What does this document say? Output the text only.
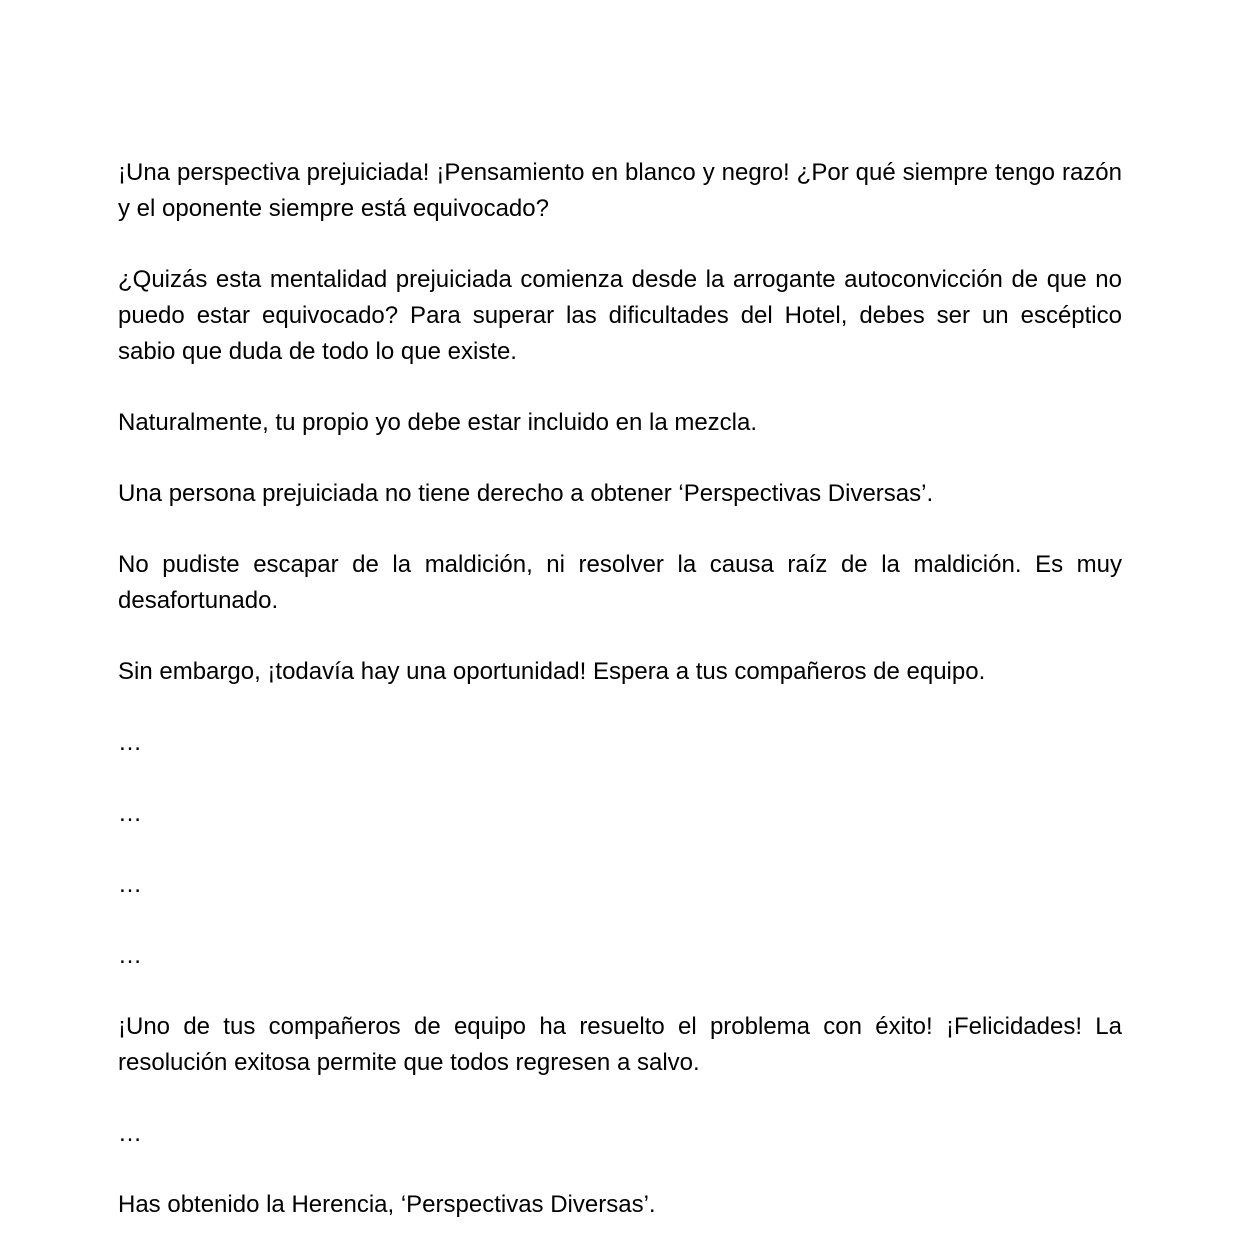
¡Una perspectiva prejuiciada! ¡Pensamiento en blanco y negro! ¿Por qué siempre tengo razón y el oponente siempre está equivocado?

¿Quizás esta mentalidad prejuiciada comienza desde la arrogante autoconvicción de que no puedo estar equivocado? Para superar las dificultades del Hotel, debes ser un escéptico sabio que duda de todo lo que existe.

Naturalmente, tu propio yo debe estar incluido en la mezcla.

Una persona prejuiciada no tiene derecho a obtener ‘Perspectivas Diversas’.

No pudiste escapar de la maldición, ni resolver la causa raíz de la maldición. Es muy desafortunado.

Sin embargo, ¡todavía hay una oportunidad! Espera a tus compañeros de equipo.

…

…

…

…

¡Uno de tus compañeros de equipo ha resuelto el problema con éxito! ¡Felicidades! La resolución exitosa permite que todos regresen a salvo.

…

Has obtenido la Herencia, ‘Perspectivas Diversas’.
